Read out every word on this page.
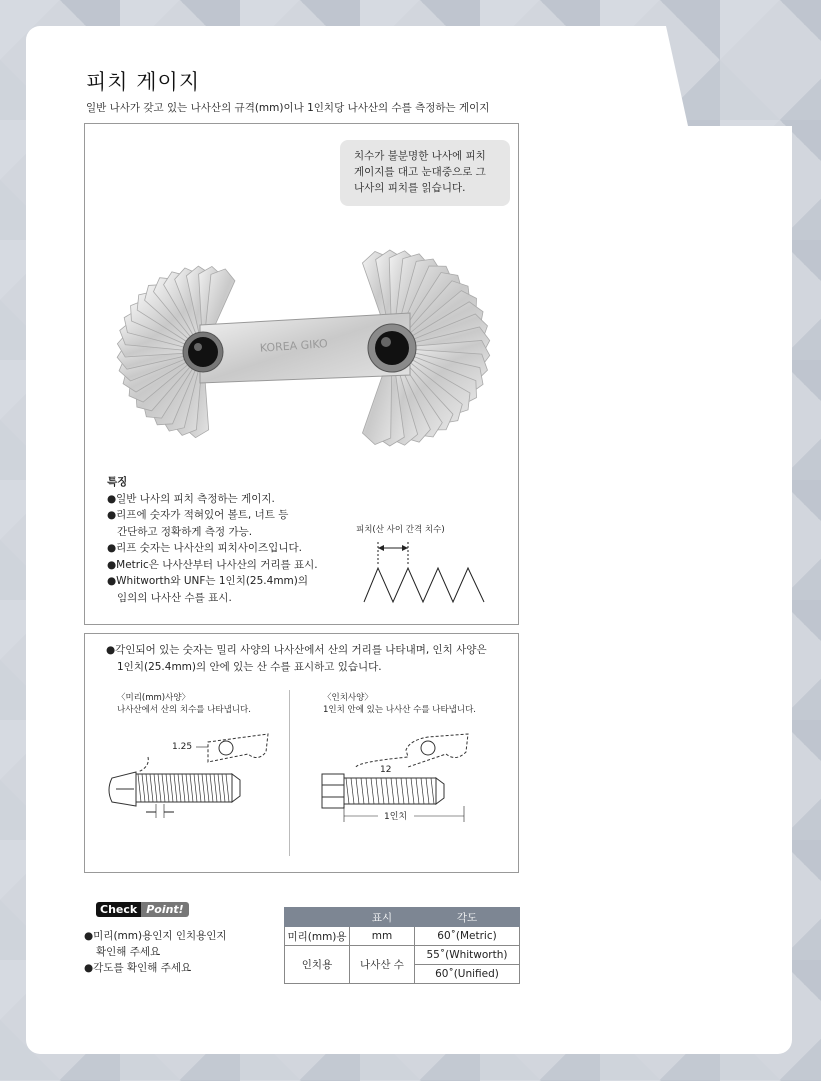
피치 게이지
일반 나사가 갖고 있는 나사산의 규격(mm)이나 1인치당 나사산의 수를 측정하는 게이지
치수가 불분명한 나사에 피치
게이지를 대고 눈대중으로 그
나사의 피치를 읽습니다.
KOREA GIKO
특징
●일반 나사의 피치 측정하는 게이지.
●리프에 숫자가 적혀있어 볼트, 너트 등
간단하고 정확하게 측정 가능.
●리프 숫자는 나사산의 피치사이즈입니다.
●Metric은 나사산부터 나사산의 거리를 표시.
●Whitworth와 UNF는 1인치(25.4mm)의
임의의 나사산 수를 표시.
피치(산 사이 간격 치수)
●각인되어 있는 숫자는 밀리 사양의 나사산에서 산의 거리를 나타내며, 인치 사양은
1인치(25.4mm)의 안에 있는 산 수를 표시하고 있습니다.
〈미리(mm)사양〉
나사산에서 산의 치수를 나타냅니다.
〈인치사양〉
1인치 안에 있는 나사산 수를 나타냅니다.
1.25
12
1인치
Check Point!
●미리(mm)용인지 인치용인지
확인해 주세요
●각도를 확인해 주세요
	표시	각도
미리(mm)용	mm	60˚(Metric)
인치용	나사산 수	55˚(Whitworth)
		60˚(Unified)
